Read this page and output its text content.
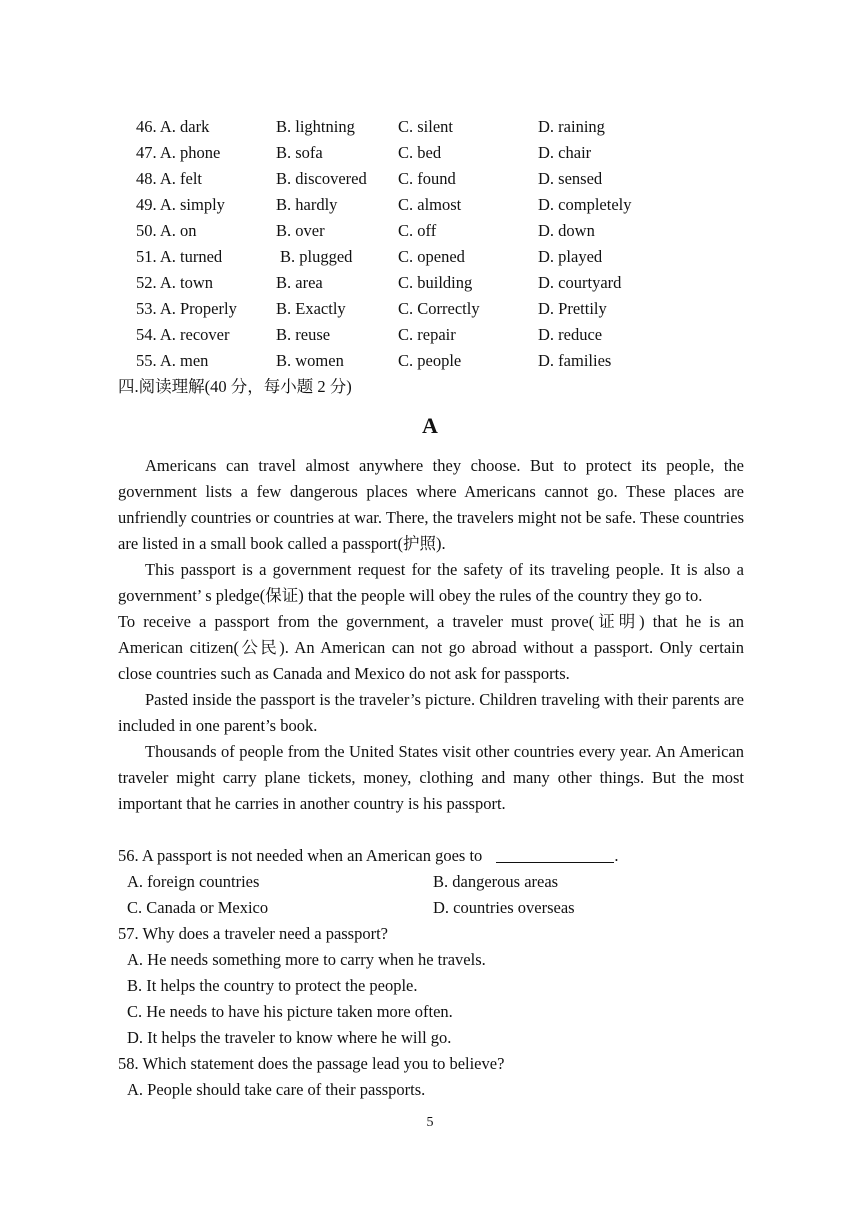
46. A. dark	B. lightning	C. silent	D. raining
47. A. phone	B. sofa	C. bed	D. chair
48. A. felt	B. discovered C. found	D. sensed
49. A. simply	B. hardly	C. almost	D. completely
50. A. on	B. over	C. off	D. down
51. A. turned	B. plugged	C. opened	D. played
52. A. town	B. area	C. building	D. courtyard
53. A. Properly B. Exactly	C. Correctly	D. Prettily
54. A. recover	B. reuse	C. repair	D. reduce
55. A. men	B. women	C. people	D. families
四.阅读理解(40 分，每小题 2 分)
A

Americans can travel almost anywhere they choose. But to protect its people, the government lists a few dangerous places where Americans cannot go. These places are unfriendly countries or countries at war. There, the travelers might not be safe. These countries are listed in a small book called a passport(护照).

This passport is a government request for the safety of its traveling people. It is also a government’ s pledge(保证) that the people will obey the rules of the country they go to.

To receive a passport from the government, a traveler must prove(证明) that he is an American citizen(公民). An American can not go abroad without a passport. Only certain close countries such as Canada and Mexico do not ask for passports.

Pasted inside the passport is the traveler’s picture. Children traveling with their parents are included in one parent’s book.

Thousands of people from the United States visit other countries every year. An American traveler might carry plane tickets, money, clothing and many other things. But the most important that he carries in another country is his passport.

56. A passport is not needed when an American goes to	.
A. foreign countries	B. dangerous areas
C. Canada or Mexico	D. countries overseas
57. Why does a traveler need a passport?
A. He needs something more to carry when he travels.
B. It helps the country to protect the people.
C. He needs to have his picture taken more often.
D. It helps the traveler to know where he will go.
58. Which statement does the passage lead you to believe?
A. People should take care of their passports.
5
